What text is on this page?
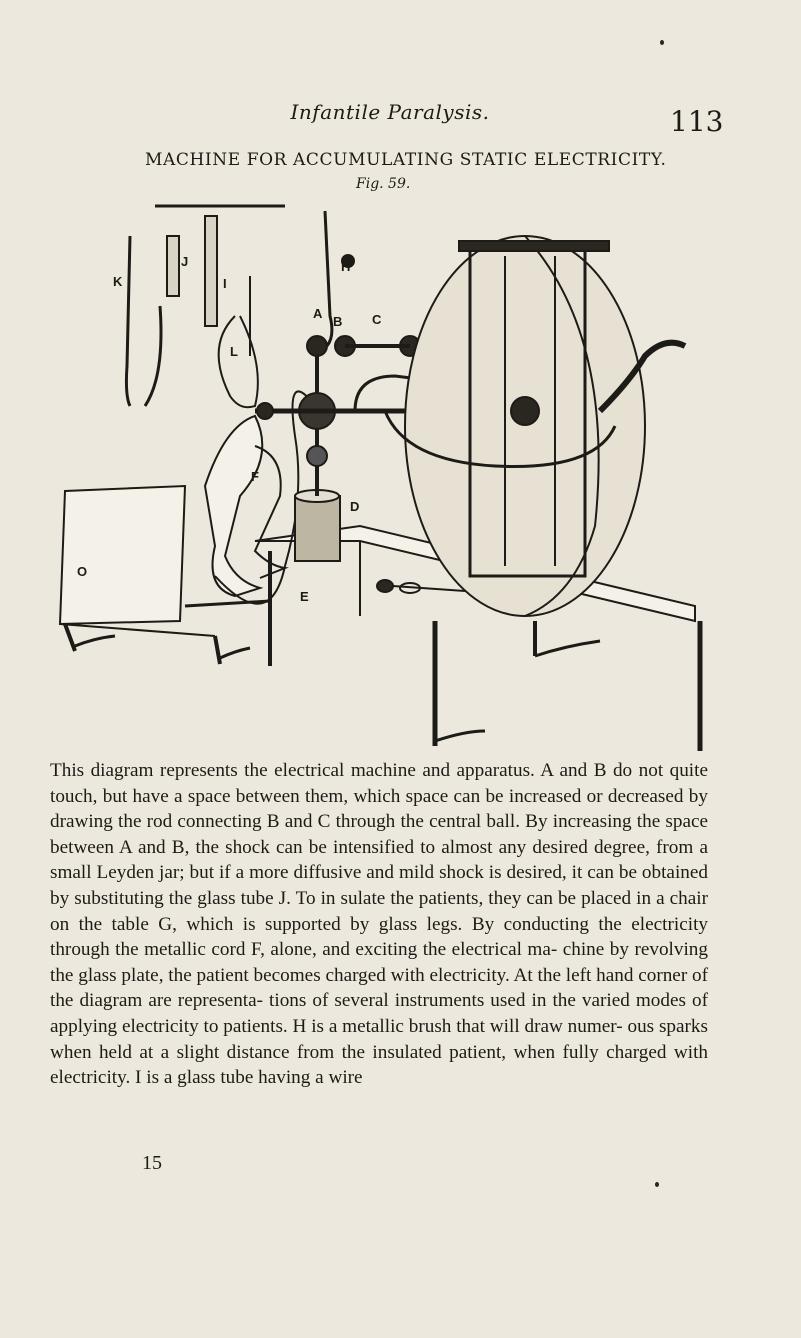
Infantile Paralysis.	113
MACHINE FOR ACCUMULATING STATIC ELECTRICITY.
Fig. 59.
K
J
I
H
A
B C
L
F
D
E
O
This diagram represents the electrical machine and apparatus. A and B do not quite touch, but have a space between them, which space can be increased or decreased by drawing the rod connecting B and C through the central ball. By increasing the space between A and B, the shock can be intensified to almost any desired degree, from a small Leyden jar; but if a more diffusive and mild shock is desired, it can be obtained by substituting the glass tube J. To in sulate the patients, they can be placed in a chair on the table G, which is supported by glass legs. By conducting the electricity through the metallic cord F, alone, and exciting the electrical ma- chine by revolving the glass plate, the patient becomes charged with electricity. At the left hand corner of the diagram are representa- tions of several instruments used in the varied modes of applying electricity to patients. H is a metallic brush that will draw numer- ous sparks when held at a slight distance from the insulated patient, when fully charged with electricity. I is a glass tube having a wire
15
